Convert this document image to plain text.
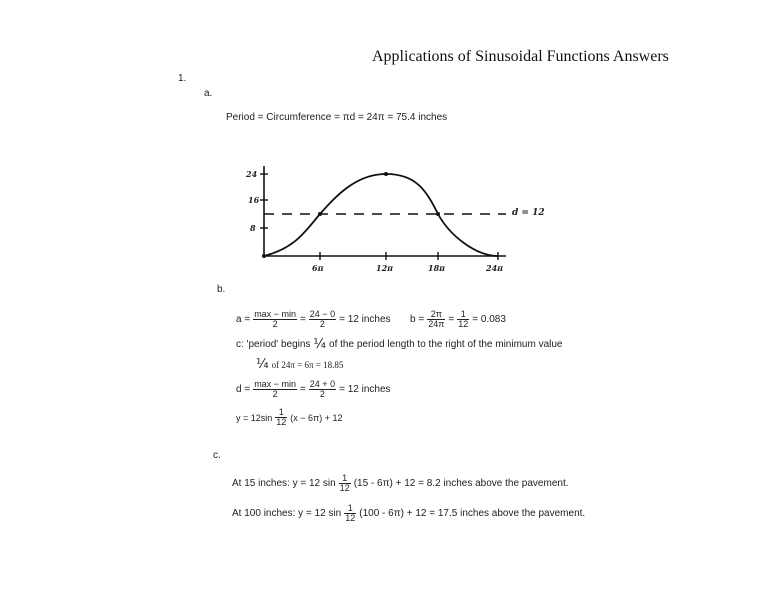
Applications of Sinusoidal Functions Answers
1.
a.
Period = Circumference = πd = 24π = 75.4 inches
24
16
8
6π	12π	18π	24π
d = 12
b.
$a = \frac{\max - \min}{2} = \frac{24 - 0}{2} = 12$ inches $b = \frac{2\pi}{24\pi} = \frac{1}{12} = 0.083$
c: 'period' begins ¼ of the period length to the right of the minimum value
¼ of 24π = 6π = 18.85
$d = \frac{\max - \min}{2} = \frac{24 + 0}{2} = 12$ inches
$y = 12\sin \frac{1}{12} (x - 6\pi) + 12$
c.
At 15 inches: y = 12 $\sin \frac{1}{12} (15 - 6\pi) + 12 = 8.2$ inches above the pavement.
At 100 inches: y = 12 $\sin \frac{1}{12} (100 - 6\pi) + 12 = 17.5$ inches above the pavement.
